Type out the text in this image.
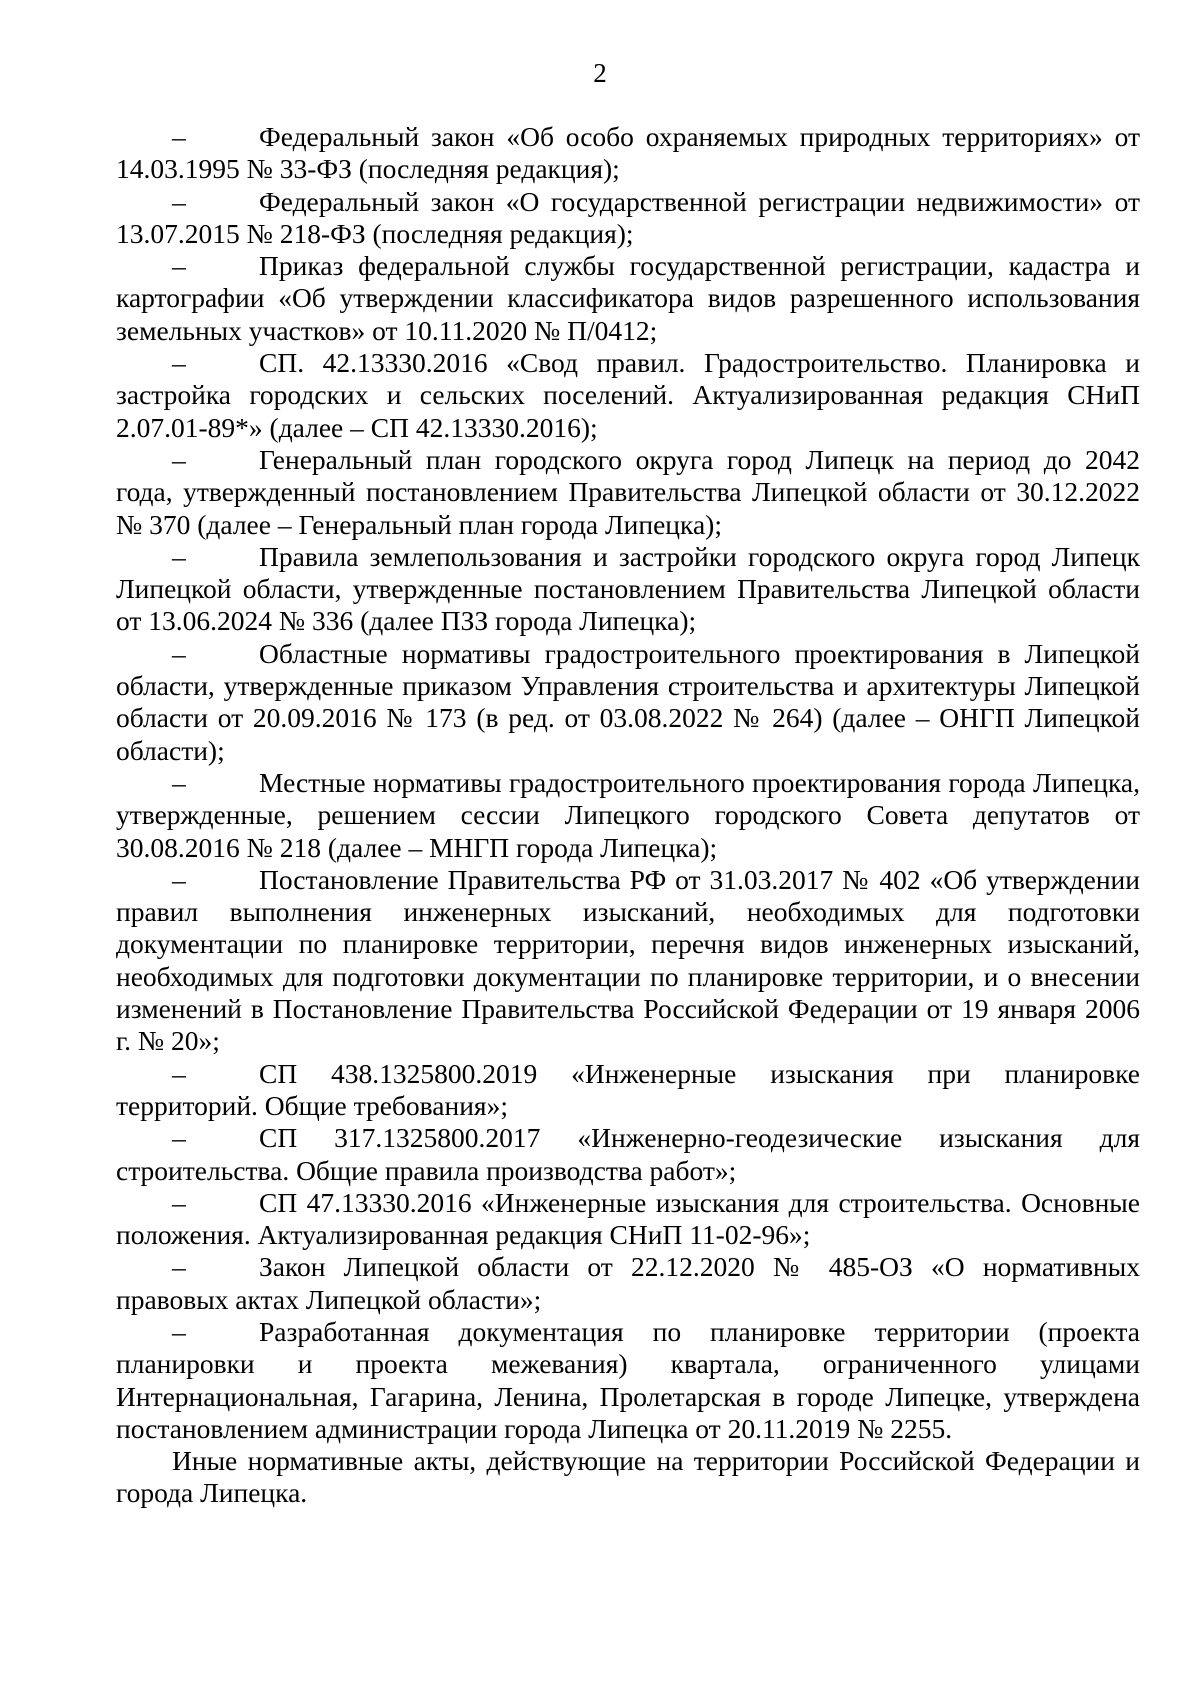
2

–	Федеральный закон «Об особо охраняемых природных территориях» от 14.03.1995 № 33-ФЗ (последняя редакция);

–	Федеральный закон «О государственной регистрации недвижимости» от 13.07.2015 № 218-ФЗ (последняя редакция);

–	Приказ федеральной службы государственной регистрации, кадастра и картографии «Об утверждении классификатора видов разрешенного использования земельных участков» от 10.11.2020 № П/0412;

–	СП. 42.13330.2016 «Свод правил. Градостроительство. Планировка и застройка городских и сельских поселений. Актуализированная редакция СНиП 2.07.01-89*» (далее – СП 42.13330.2016);

–	Генеральный план городского округа город Липецк на период до 2042 года, утвержденный постановлением Правительства Липецкой области от 30.12.2022 № 370 (далее – Генеральный план города Липецка);

–	Правила землепользования и застройки городского округа город Липецк Липецкой области, утвержденные постановлением Правительства Липецкой области от 13.06.2024 № 336 (далее ПЗЗ города Липецка);

–	Областные нормативы градостроительного проектирования в Липецкой области, утвержденные приказом Управления строительства и архитектуры Липецкой области от 20.09.2016 № 173 (в ред. от 03.08.2022 № 264) (далее – ОНГП Липецкой области);

–	Местные нормативы градостроительного проектирования города Липецка, утвержденные, решением сессии Липецкого городского Совета депутатов от 30.08.2016 № 218 (далее – МНГП города Липецка);

–	Постановление Правительства РФ от 31.03.2017 № 402 «Об утверждении правил выполнения инженерных изысканий, необходимых для подготовки документации по планировке территории, перечня видов инженерных изысканий, необходимых для подготовки документации по планировке территории, и о внесении изменений в Постановление Правительства Российской Федерации от 19 января 2006 г. № 20»;

–	СП 438.1325800.2019 «Инженерные изыскания при планировке территорий. Общие требования»;

–	СП 317.1325800.2017 «Инженерно-геодезические изыскания для строительства. Общие правила производства работ»;

–	СП 47.13330.2016 «Инженерные изыскания для строительства. Основные положения. Актуализированная редакция СНиП 11-02-96»;

–	Закон Липецкой области от 22.12.2020 № 485-ОЗ «О нормативных правовых актах Липецкой области»;

–	Разработанная документация по планировке территории (проекта планировки и проекта межевания) квартала, ограниченного улицами Интернациональная, Гагарина, Ленина, Пролетарская в городе Липецке, утверждена постановлением администрации города Липецка от 20.11.2019 № 2255.

Иные нормативные акты, действующие на территории Российской Федерации и города Липецка.
